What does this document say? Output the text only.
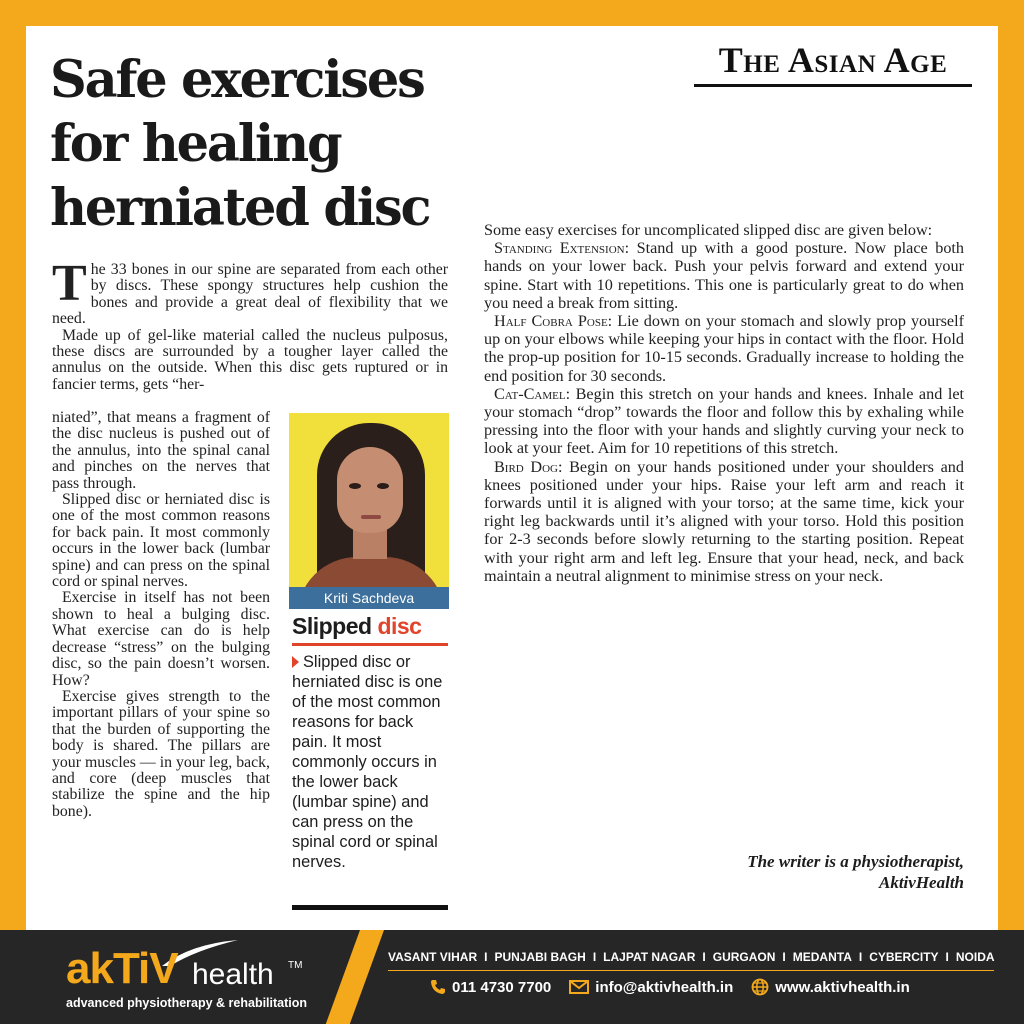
The Asian Age
Safe exercises
for healing
herniated disc

The 33 bones in our spine are separated from each other by discs. These spongy structures help cushion the bones and provide a great deal of flexibility that we need.

Made up of gel-like material called the nucleus pulposus, these discs are surrounded by a tougher layer called the annulus on the outside. When this disc gets ruptured or in fancier terms, gets “her-

niated”, that means a fragment of the disc nucleus is pushed out of the annulus, into the spinal canal and pinches on the nerves that pass through.

Slipped disc or herniated disc is one of the most common reasons for back pain. It most commonly occurs in the lower back (lumbar spine) and can press on the spinal cord or spinal nerves.

Exercise in itself has not been shown to heal a bulging disc. What exercise can do is help decrease “stress” on the bulging disc, so the pain doesn’t worsen. How?

Exercise gives strength to the important pillars of your spine so that the burden of supporting the body is shared. The pillars are your muscles — in your leg, back, and core (deep muscles that stabilize the spine and the hip bone).

Kriti Sachdeva
Slipped disc
Slipped disc or herniated disc is one of the most common reasons for back pain. It most commonly occurs in the lower back (lumbar spine) and can press on the spinal cord or spinal nerves.

Some easy exercises for uncomplicated slipped disc are given below:

Standing Extension: Stand up with a good posture. Now place both hands on your lower back. Push your pelvis forward and extend your spine. Start with 10 repetitions. This one is particularly great to do when you need a break from sitting.

Half Cobra Pose: Lie down on your stomach and slowly prop yourself up on your elbows while keeping your hips in contact with the floor. Hold the prop-up position for 10-15 seconds. Gradually increase to holding the end position for 30 seconds.

Cat-Camel: Begin this stretch on your hands and knees. Inhale and let your stomach “drop” towards the floor and follow this by exhaling while pressing into the floor with your hands and slightly curving your neck to look at your feet. Aim for 10 repetitions of this stretch.

Bird Dog: Begin on your hands positioned under your shoulders and knees positioned under your hips. Raise your left arm and reach it forwards until it is aligned with your torso; at the same time, kick your right leg backwards until it’s aligned with your torso. Hold this position for 2-3 seconds before slowly returning to the starting position. Repeat with your right arm and left leg. Ensure that your head, neck, and back maintain a neutral alignment to minimise stress on your neck.

The writer is a physiotherapist,
AktivHealth
akTiV health TM
advanced physiotherapy & rehabilitation
VASANT VIHAR I PUNJABI BAGH I LAJPAT NAGAR I GURGAON I MEDANTA I CYBERCITY I NOIDA
011 4730 7700	info@aktivhealth.in	www.aktivhealth.in
